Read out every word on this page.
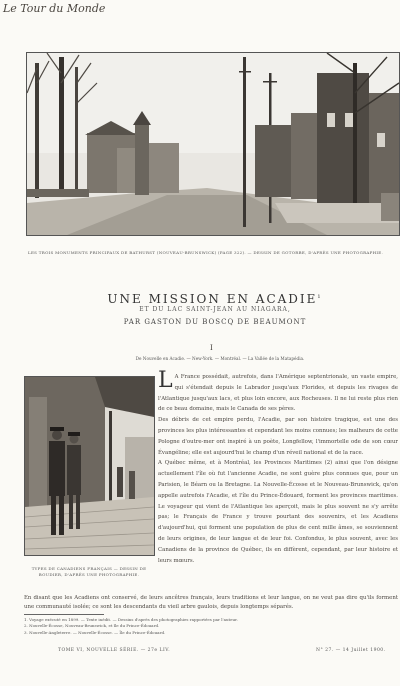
Le Tour du Monde
LES TROIS MONUMENTS PRINCIPAUX DE BATHURST (NOUVEAU-BRUNSWICK) (PAGE 322). — DESSIN DE GOTORBE, D'APRÈS UNE PHOTOGRAPHIE.
UNE MISSION EN ACADIE$^1$
ET DU LAC SAINT-JEAN AU NIAGARA,
PAR GASTON DU BOSCQ DE BEAUMONT
I
De Nouvelle en Acadie. — New-York. — Montréal. — La Vallée de la Matapédia.
TYPES DE CANADIENS FRANÇAIS — DESSIN DE BOUDIER, D'APRÈS UNE PHOTOGRAPHIE.
L A France possédait, autrefois, dans l'Amérique septentrionale, un vaste empire, qui s'étendait depuis le Labrador jusqu'aux Florides, et depuis les rivages de l'Atlantique jusqu'aux lacs, et plus loin encore, aux Rocheuses. Il ne lui reste plus rien de ce beau domaine, mais le Canada de ses pères.

Des débris de cet empire perdu, l'Acadie, par son histoire tragique, est une des provinces les plus intéressantes et cependant les moins connues; les malheurs de cette Pologne d'outre-mer ont inspiré à un poète, Longfellow, l'immortelle ode de son cœur Évangéline; elle est aujourd'hui le champ d'un réveil national et de la race.

A Québec même, et à Montréal, les Provinces Maritimes (2) ainsi que l'on désigne actuellement l'île où fut l'ancienne Acadie, ne sont guère plus connues que, pour un Parisien, le Béarn ou la Bretagne. La Nouvelle-Écosse et le Nouveau-Brunswick, qu'on appelle autrefois l'Acadie, et l'île du Prince-Édouard, forment les provinces maritimes. Le voyageur qui vient de l'Atlantique les aperçoit, mais le plus souvent ne s'y arrête pas; le Français de France y trouve pourtant des souvenirs, et les Acadiens d'aujourd'hui, qui forment une population de plus de cent mille âmes, se souviennent de leurs origines, de leur langue et de leur foi. Confondus, le plus souvent, avec les Canadiens de la province de Québec, ils en diffèrent, cependant, par leur histoire et leurs mœurs.

En disant que les Acadiens ont conservé, de leurs ancêtres français, leurs traditions et leur langue, on ne veut pas dire qu'ils forment une communauté isolée; ce sont les descendants du vieil arbre gaulois, depuis longtemps séparés.
1. Voyage exécuté en 1899. — Texte inédit. — Dessins d'après des photographies rapportées par l'auteur.
2. Nouvelle-Écosse, Nouveau-Brunswick, et île du Prince-Édouard.
3. Nouvelle-Angleterre. — Nouvelle-Écosse. — Île du Prince-Édouard.
TOME VI, NOUVELLE SÉRIE. — 27e LIV.	N° 27. — 14 Juillet 1900.
